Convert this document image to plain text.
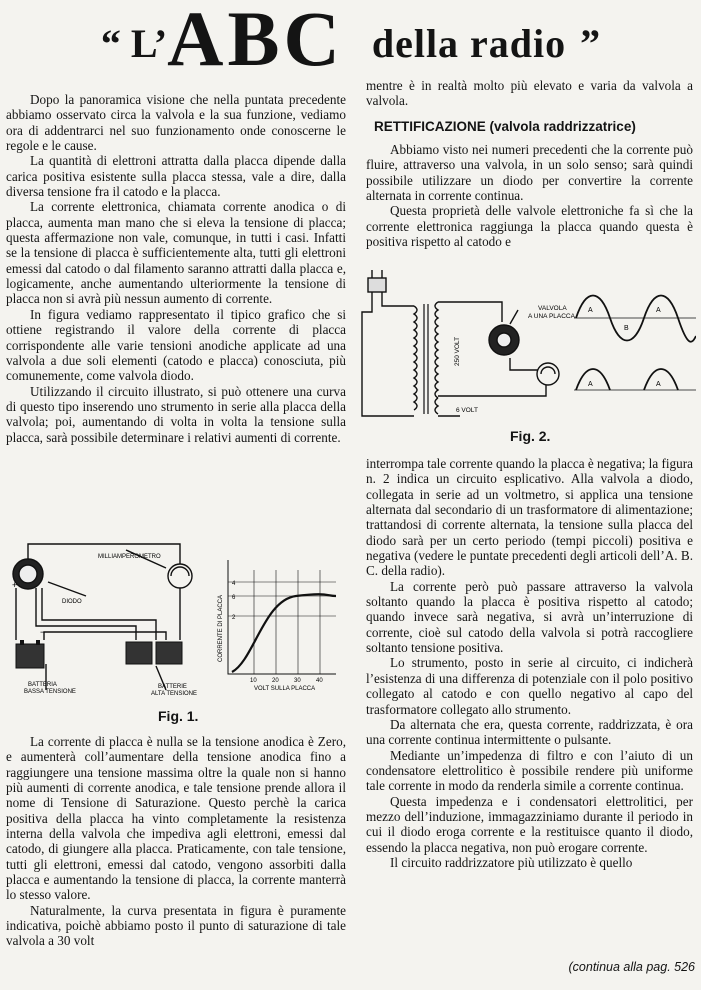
“ L’ ABC della radio ”

Dopo la panoramica visione che nella puntata precedente abbiamo osservato circa la valvola e la sua funzione, vediamo ora di addentrarci nel suo funzionamento onde conoscerne le regole e le cause.

La quantità di elettroni attratta dalla placca dipende dalla carica positiva esistente sulla placca stessa, vale a dire, dalla diversa tensione fra il catodo e la placca.

La corrente elettronica, chiamata corrente anodica o di placca, aumenta man mano che si eleva la tensione di placca; questa affermazione non vale, comunque, in tutti i casi. Infatti se la tensione di placca è sufficientemente alta, tutti gli elettroni emessi dal catodo o dal filamento saranno attratti dalla placca e, logicamente, anche aumentando ulteriormente la tensione di placca non si avrà più nessun aumento di corrente.

In figura vediamo rappresentato il tipico grafico che si ottiene registrando il valore della corrente di placca corrispondente alle varie tensioni anodiche applicate ad una valvola a due soli elementi (catodo e placca) conosciuta, più comunemente, come valvola diodo.

Utilizzando il circuito illustrato, si può ottenere una curva di questo tipo inserendo uno strumento in serie alla placca della valvola; poi, aumentando di volta in volta la tensione sulla placca, sarà possibile determinare i relativi aumenti di corrente.

MILLIAMPEROMETRO
DIODO
BATTERIA
BASSA TENSIONE
BATTERIE
ALTA TENSIONE
+
−	CORRENTE DI PLACCA
VOLT SULLA PLACCA
10	20	30	40
4
6
2
Fig. 1.

La corrente di placca è nulla se la tensione anodica è Zero, e aumenterà coll’aumentare della tensione anodica fino a raggiungere una tensione massima oltre la quale non si hanno più aumenti di corrente anodica, e tale tensione prende allora il nome di Tensione di Saturazione. Questo perchè la carica positiva della placca ha vinto completamente la resistenza interna della valvola che impediva agli elettroni, emessi dal catodo, di giungere alla placca. Praticamente, con tale tensione, tutti gli elettroni, emessi dal catodo, vengono assorbiti dalla placca e aumentando la tensione di placca, la corrente manterrà lo stesso valore.

Naturalmente, la curva presentata in figura è puramente indicativa, poichè abbiamo posto il punto di saturazione di tale valvola a 30 volt

mentre è in realtà molto più elevato e varia da valvola a valvola.

RETTIFICAZIONE (valvola raddrizzatrice)

Abbiamo visto nei numeri precedenti che la corrente può fluire, attraverso una valvola, in un solo senso; sarà quindi possibile utilizzare un diodo per convertire la corrente alternata in corrente continua.

Questa proprietà delle valvole elettroniche fa sì che la corrente elettronica raggiunga la placca quando questa è positiva rispetto al catodo e

VALVOLA
A UNA PLACCA
250 VOLT
6 VOLT
A
B
A
A	A
Fig. 2.

interrompa tale corrente quando la placca è negativa; la figura n. 2 indica un circuito esplicativo. Alla valvola a diodo, collegata in serie ad un voltmetro, si applica una tensione alternata dal secondario di un trasformatore di alimentazione; trattandosi di corrente alternata, la tensione sulla placca del diodo sarà per un certo periodo (tempi piccoli) positiva e negativa (vedere le puntate precedenti degli articoli dell’A. B. C. della radio).

La corrente però può passare attraverso la valvola soltanto quando la placca è positiva rispetto al catodo; quando invece sarà negativa, si avrà un’interruzione di corrente, cioè sul catodo della valvola si potrà raccogliere soltanto tensione positiva.

Lo strumento, posto in serie al circuito, ci indicherà l’esistenza di una differenza di potenziale con il polo positivo collegato al catodo e con quello negativo al capo del trasformatore collegato allo strumento.

Da alternata che era, questa corrente, raddrizzata, è ora una corrente continua intermittente o pulsante.

Mediante un’impedenza di filtro e con l’aiuto di un condensatore elettrolitico è possibile rendere più uniforme tale corrente in modo da renderla simile a corrente continua.

Questa impedenza e i condensatori elettrolitici, per mezzo dell’induzione, immagazziniamo durante il periodo in cui il diodo eroga corrente e la restituisce quanto il diodo, essendo la placca negativa, non può erogare corrente.

Il circuito raddrizzatore più utilizzato è quello

(continua alla pag. 526
